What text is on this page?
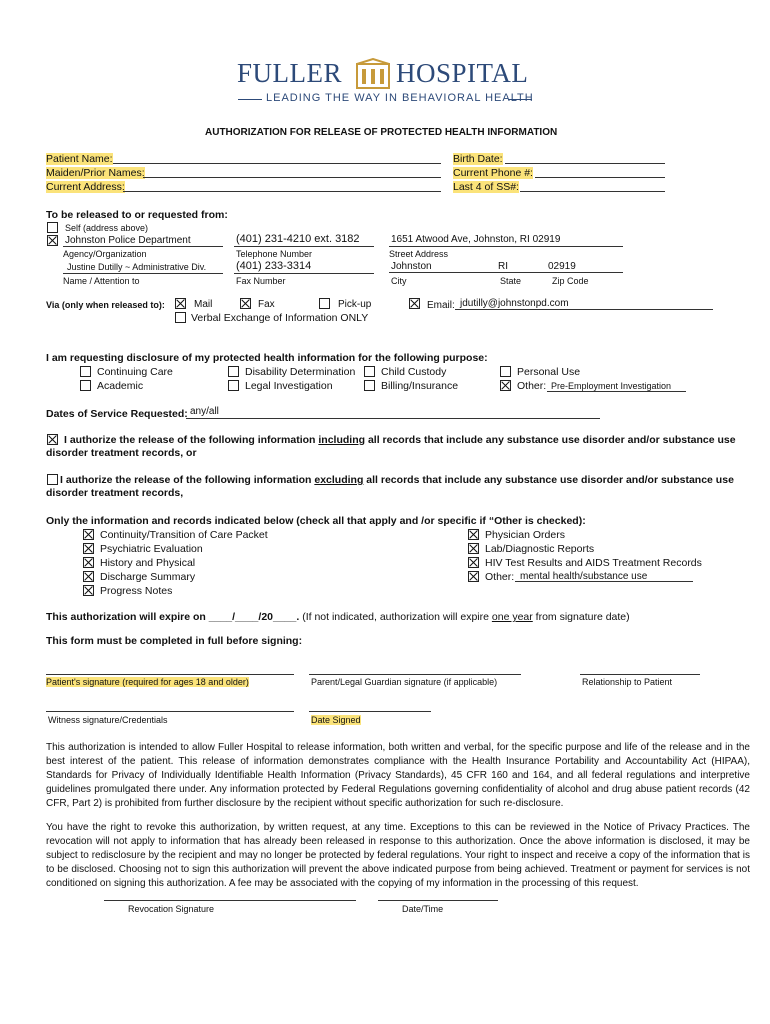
FULLER HOSPITAL
LEADING THE WAY IN BEHAVIORAL HEALTH
AUTHORIZATION FOR RELEASE OF PROTECTED HEALTH INFORMATION
Patient Name:
Maiden/Prior Names:
Current Address:
Birth Date:
Current Phone #:
Last 4 of SS#:
To be released to or requested from:
Self (address above)
Johnston Police Department
Agency/Organization
Justine Dutilly ~ Administrative Div.
Name / Attention to
(401) 231-4210 ext. 3182
Telephone Number
(401) 233-3314
Fax Number
1651 Atwood Ave, Johnston, RI 02919
Street Address
Johnston	RI	02919
City	State	Zip Code
Via (only when released to):	Mail	Fax	Pick-up	Email: jdutilly@johnstonpd.com
Verbal Exchange of Information ONLY
I am requesting disclosure of my protected health information for the following purpose:
Continuing Care
Academic
Disability Determination
Legal Investigation
Child Custody
Billing/Insurance
Personal Use
Other: Pre-Employment Investigation
Dates of Service Requested: any/all
I authorize the release of the following information including all records that include any substance use disorder and/or substance use
disorder treatment records, or
I authorize the release of the following information excluding all records that include any substance use disorder and/or substance use
disorder treatment records,
Only the information and records indicated below (check all that apply and /or specific if “Other is checked):
Continuity/Transition of Care Packet
Psychiatric Evaluation
History and Physical
Discharge Summary
Progress Notes
Physician Orders
Lab/Diagnostic Reports
HIV Test Results and AIDS Treatment Records
Other: mental health/substance use
This authorization will expire on ____/____/20____. (If not indicated, authorization will expire one year from signature date)
This form must be completed in full before signing:
Patient's signature (required for ages 18 and older)	Parent/Legal Guardian signature (if applicable)	Relationship to Patient
Witness signature/Credentials	Date Signed
This authorization is intended to allow Fuller Hospital to release information, both written and verbal, for the specific purpose and life of the release and in the best interest of the patient. This release of information demonstrates compliance with the Health Insurance Portability and Accountability Act (HIPAA), Standards for Privacy of Individually Identifiable Health Information (Privacy Standards), 45 CFR 160 and 164, and all federal regulations and interpretive guidelines promulgated there under. Any information protected by Federal Regulations governing confidentiality of alcohol and drug abuse patient records (42 CFR, Part 2) is prohibited from further disclosure by the recipient without specific authorization for such re-disclosure.
You have the right to revoke this authorization, by written request, at any time. Exceptions to this can be reviewed in the Notice of Privacy Practices. The revocation will not apply to information that has already been released in response to this authorization. Once the above information is disclosed, it may be subject to redisclosure by the recipient and may no longer be protected by federal regulations. Your right to inspect and receive a copy of the information that is to be disclosed. Choosing not to sign this authorization will prevent the above indicated purpose from being achieved. Treatment or payment for services is not conditioned on signing this authorization. A fee may be associated with the copying of my information in the processing of this request.
Revocation Signature	Date/Time
